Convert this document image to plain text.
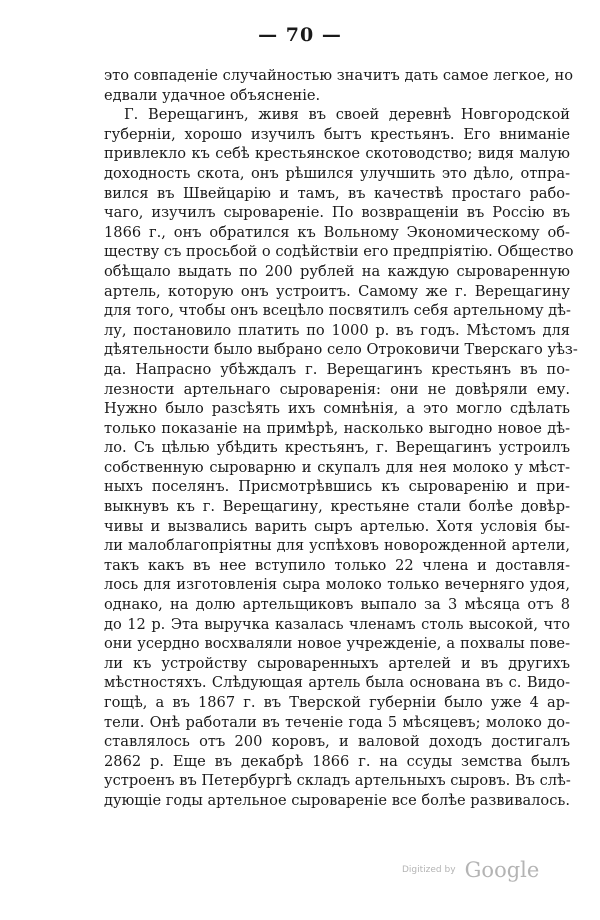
— 70 —
это совпаденіе случайностью значитъ дать самое легкое, но
едвали удачное объясненіе.
Г. Верещагинъ, живя въ своей деревнѣ Новгородской
губерніи, хорошо изучилъ бытъ крестьянъ. Его вниманіе
привлекло къ себѣ крестьянское скотоводство; видя малую
доходность скота, онъ рѣшился улучшить это дѣло, отпра-
вился въ Швейцарію и тамъ, въ качествѣ простаго рабо-
чаго, изучилъ сыровареніе. По возвращеніи въ Россію въ
1866 г., онъ обратился къ Вольному Экономическому об-
ществу съ просьбой о содѣйствіи его предпріятію. Общество
обѣщало выдать по 200 рублей на каждую сыроваренную
артель, которую онъ устроитъ. Самому же г. Верещагину
для того, чтобы онъ всецѣло посвятилъ себя артельному дѣ-
лу, постановило платить по 1000 р. въ годъ. Мѣстомъ для
дѣятельности было выбрано село Отроковичи Тверскаго уѣз-
да. Напрасно убѣждалъ г. Верещагинъ крестьянъ въ по-
лезности артельнаго сыроваренія: они не довѣряли ему.
Нужно было разсѣять ихъ сомнѣнія, а это могло сдѣлать
только показаніе на примѣрѣ, насколько выгодно новое дѣ-
ло. Съ цѣлью убѣдить крестьянъ, г. Верещагинъ устроилъ
собственную сыроварню и скупалъ для нея молоко у мѣст-
ныхъ поселянъ. Присмотрѣвшись къ сыроваренію и при-
выкнувъ къ г. Верещагину, крестьяне стали болѣе довѣр-
чивы и вызвались варить сыръ артелью. Хотя условія бы-
ли малоблагопріятны для успѣховъ новорожденной артели,
такъ какъ въ нее вступило только 22 члена и доставля-
лось для изготовленія сыра молоко только вечерняго удоя,
однако, на долю артельщиковъ выпало за 3 мѣсяца отъ 8
до 12 р. Эта выручка казалась членамъ столь высокой, что
они усердно восхваляли новое учрежденіе, а похвалы пове-
ли къ устройству сыроваренныхъ артелей и въ другихъ
мѣстностяхъ. Слѣдующая артель была основана въ с. Видо-
гощѣ, а въ 1867 г. въ Тверской губерніи было уже 4 ар-
тели. Онѣ работали въ теченіе года 5 мѣсяцевъ; молоко до-
ставлялось отъ 200 коровъ, и валовой доходъ достигалъ
2862 р. Еще въ декабрѣ 1866 г. на ссуды земства былъ
устроенъ въ Петербургѣ складъ артельныхъ сыровъ. Въ слѣ-
дующіе годы артельное сыровареніе все болѣе развивалось.
Digitized by Google
